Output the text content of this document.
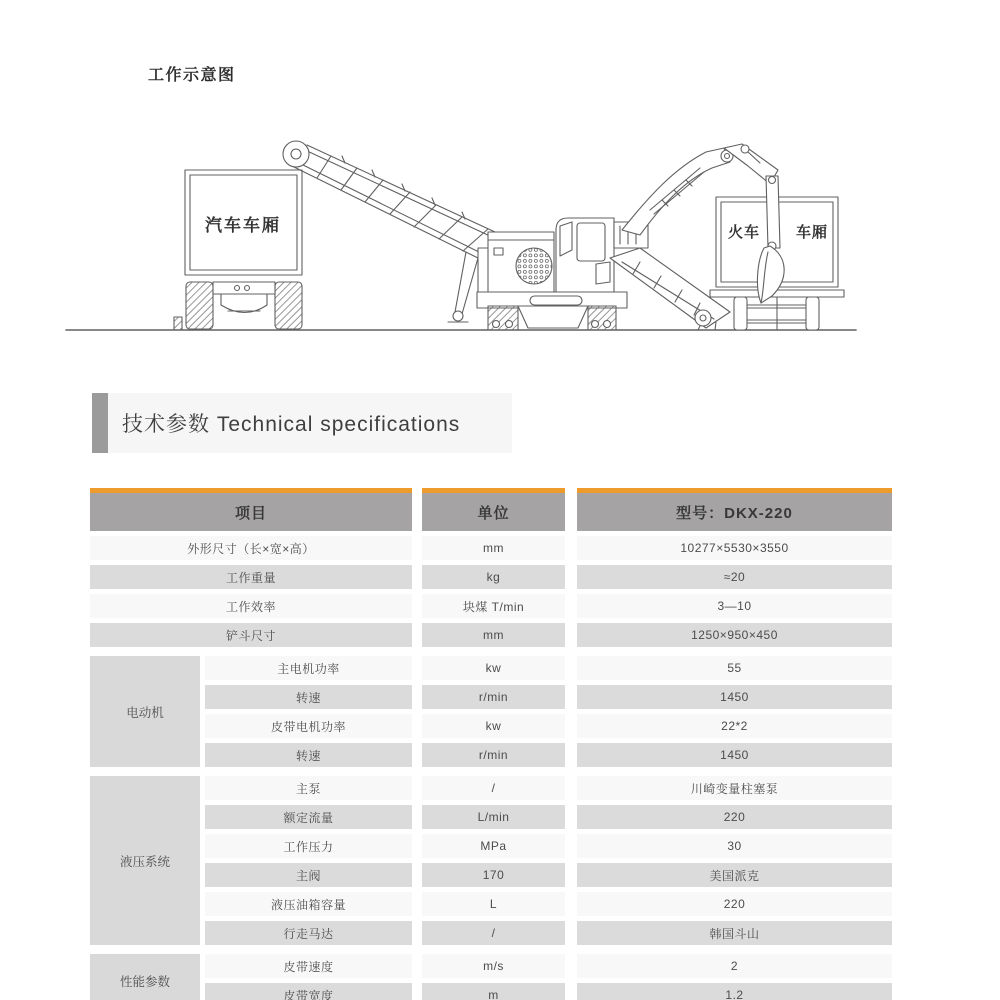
工作示意图
汽车车厢	火车 车厢
技术参数 Technical specifications
项目	单位	型号：DKX-220
外形尺寸（长×宽×高）	mm	10277×5530×3550
工作重量	kg	≈20
工作效率	块煤 T/min	3—10
铲斗尺寸	mm	1250×950×450
电动机
主电机功率	kw	55
转速	r/min	1450
皮带电机功率	kw	22*2
转速	r/min	1450
液压系统
主泵	/	川崎变量柱塞泵
额定流量	L/min	220
工作压力	MPa	30
主阀	170	美国派克
液压油箱容量	L	220
行走马达	/	韩国斗山
性能参数
皮带速度	m/s	2
皮带宽度	m	1.2
